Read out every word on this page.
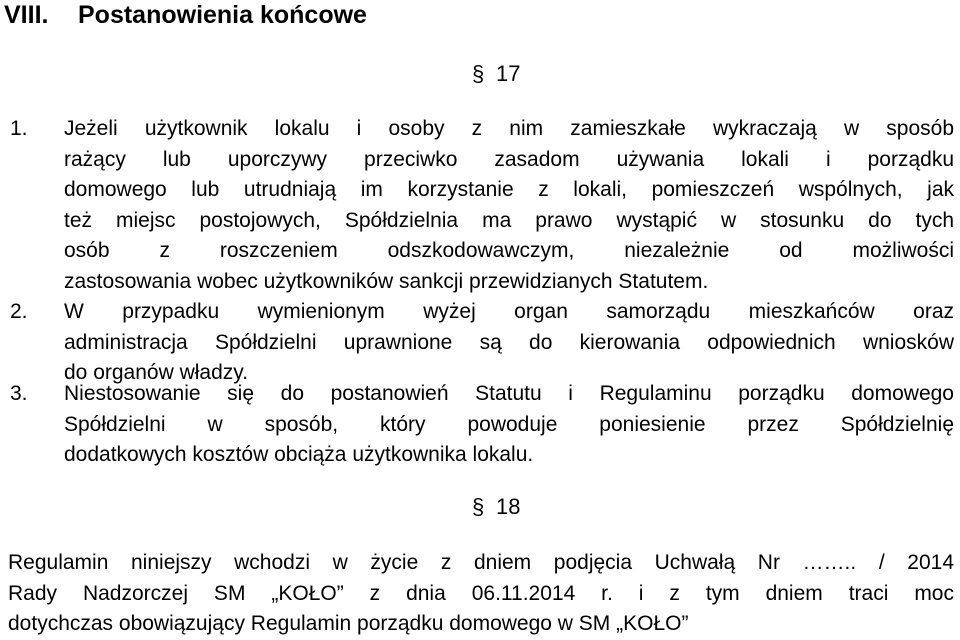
VIII. Postanowienia końcowe
§ 17
1. Jeżeli użytkownik lokalu i osoby z nim zamieszkałe wykraczają w sposób
rażący lub uporczywy przeciwko zasadom używania lokali i porządku
domowego lub utrudniają im korzystanie z lokali, pomieszczeń wspólnych, jak
też miejsc postojowych, Spółdzielnia ma prawo wystąpić w stosunku do tych
osób z roszczeniem odszkodowawczym, niezależnie od możliwości
zastosowania wobec użytkowników sankcji przewidzianych Statutem.
2. W przypadku wymienionym wyżej organ samorządu mieszkańców oraz
administracja Spółdzielni uprawnione są do kierowania odpowiednich wniosków
do organów władzy.
3. Niestosowanie się do postanowień Statutu i Regulaminu porządku domowego
Spółdzielni w sposób, który powoduje poniesienie przez Spółdzielnię
dodatkowych kosztów obciąża użytkownika lokalu.
§ 18
Regulamin niniejszy wchodzi w życie z dniem podjęcia Uchwałą Nr …….. / 2014
Rady Nadzorczej SM „KOŁO” z dnia 06.11.2014 r. i z tym dniem traci moc
dotychczas obowiązujący Regulamin porządku domowego w SM „KOŁO”
